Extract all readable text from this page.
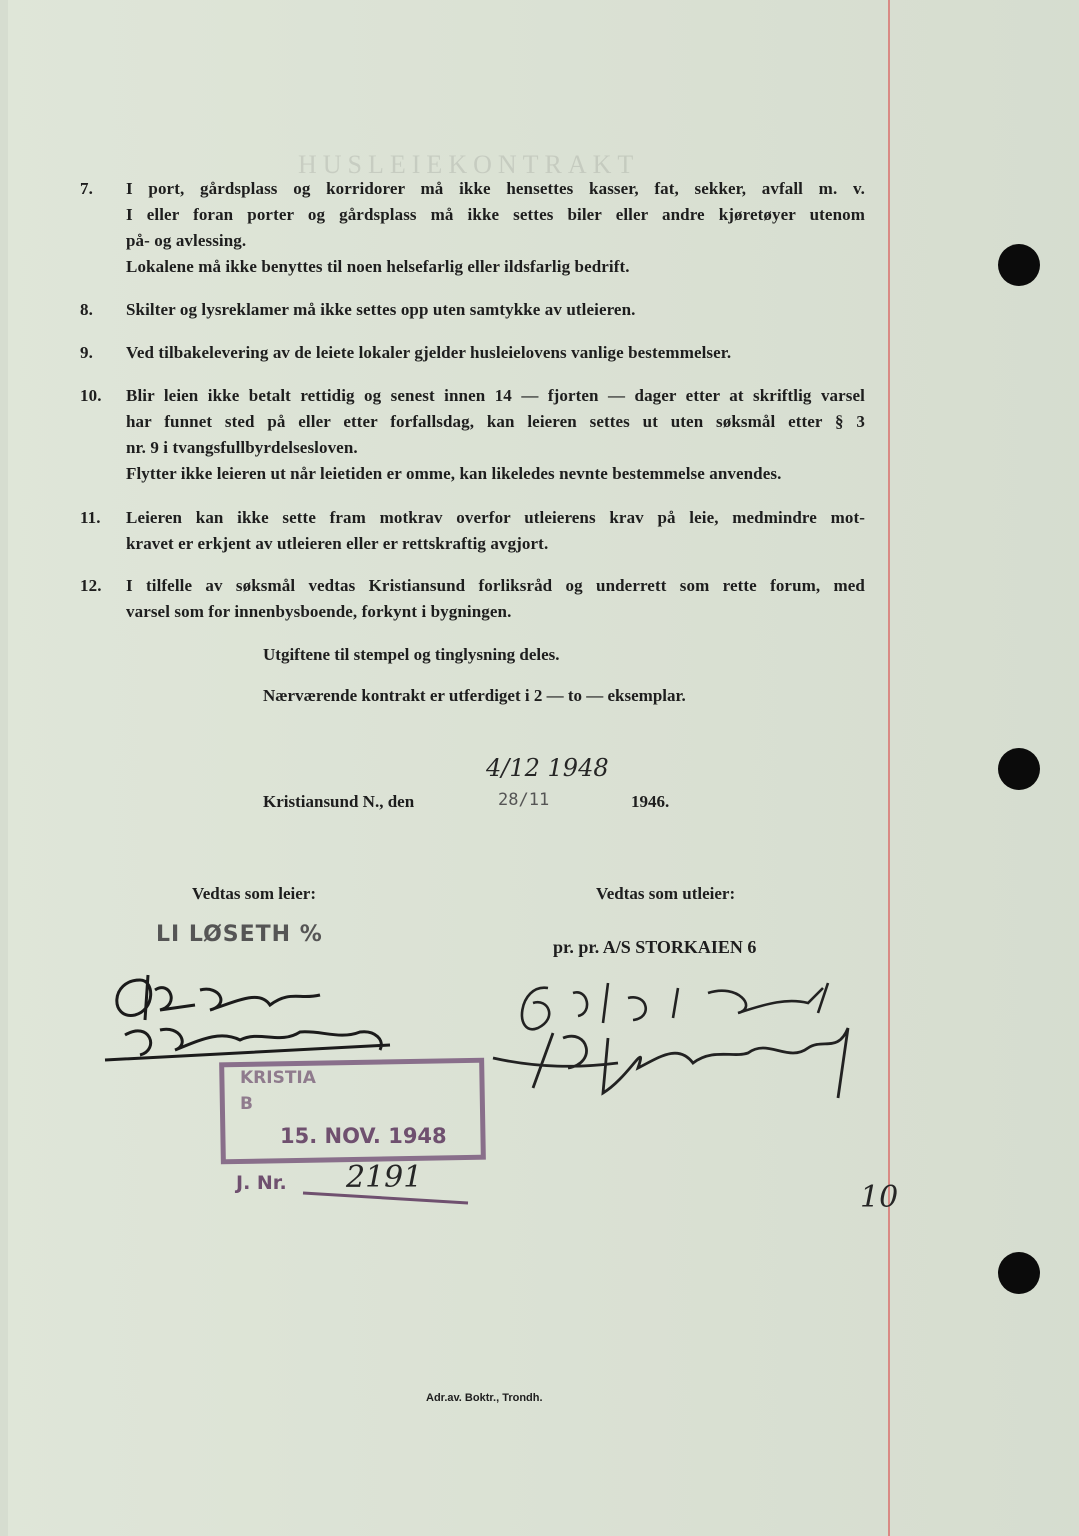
HUSLEIEKONTRAKT
7.	I port, gårdsplass og korridorer må ikke hensettes kasser, fat, sekker, avfall m. v.

I eller foran porter og gårdsplass må ikke settes biler eller andre kjøretøyer utenom

på- og avlessing.

Lokalene må ikke benyttes til noen helsefarlig eller ildsfarlig bedrift.

8.	Skilter og lysreklamer må ikke settes opp uten samtykke av utleieren.

9.	Ved tilbakelevering av de leiete lokaler gjelder husleielovens vanlige bestemmelser.

10.	Blir leien ikke betalt rettidig og senest innen 14 — fjorten — dager etter at skriftlig varsel

har funnet sted på eller etter forfallsdag, kan leieren settes ut uten søksmål etter § 3

nr. 9 i tvangsfullbyrdelsesloven.

Flytter ikke leieren ut når leietiden er omme, kan likeledes nevnte bestemmelse anvendes.

11.	Leieren kan ikke sette fram motkrav overfor utleierens krav på leie, medmindre mot-

kravet er erkjent av utleieren eller er rettskraftig avgjort.

12.	I tilfelle av søksmål vedtas Kristiansund forliksråd og underrett som rette forum, med

varsel som for innenbysboende, forkynt i bygningen.

Utgiftene til stempel og tinglysning deles.
Nærværende kontrakt er utferdiget i 2 — to — eksemplar.
4/12 1948
Kristiansund N., den	28/11	1946.
Vedtas som leier:	Vedtas som utleier:
LI LØSETH %	pr. pr. A/S STORKAIEN 6
KRISTIA
B
15. NOV. 1948
J. Nr. 2191
10
Adr.av. Boktr., Trondh.
